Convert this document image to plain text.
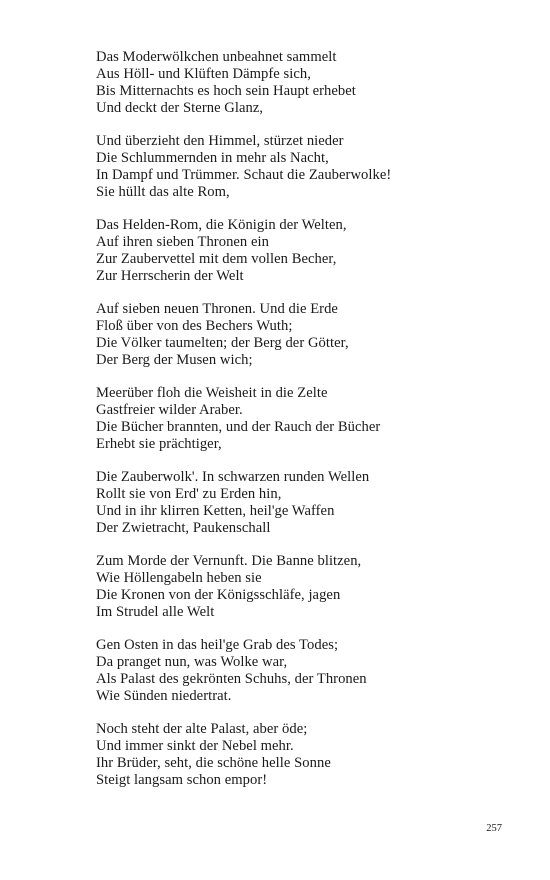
Das Moderwölkchen unbeahnet sammelt
Aus Höll- und Klüften Dämpfe sich,
Bis Mitternachts es hoch sein Haupt erhebet
Und deckt der Sterne Glanz,
Und überzieht den Himmel, stürzet nieder
Die Schlummernden in mehr als Nacht,
In Dampf und Trümmer. Schaut die Zauberwolke!
Sie hüllt das alte Rom,
Das Helden-Rom, die Königin der Welten,
Auf ihren sieben Thronen ein
Zur Zaubervettel mit dem vollen Becher,
Zur Herrscherin der Welt
Auf sieben neuen Thronen. Und die Erde
Floß über von des Bechers Wuth;
Die Völker taumelten; der Berg der Götter,
Der Berg der Musen wich;
Meerüber floh die Weisheit in die Zelte
Gastfreier wilder Araber.
Die Bücher brannten, und der Rauch der Bücher
Erhebt sie prächtiger,
Die Zauberwolk'. In schwarzen runden Wellen
Rollt sie von Erd' zu Erden hin,
Und in ihr klirren Ketten, heil'ge Waffen
Der Zwietracht, Paukenschall
Zum Morde der Vernunft. Die Banne blitzen,
Wie Höllengabeln heben sie
Die Kronen von der Königsschläfe, jagen
Im Strudel alle Welt
Gen Osten in das heil'ge Grab des Todes;
Da pranget nun, was Wolke war,
Als Palast des gekrönten Schuhs, der Thronen
Wie Sünden niedertrat.
Noch steht der alte Palast, aber öde;
Und immer sinkt der Nebel mehr.
Ihr Brüder, seht, die schöne helle Sonne
Steigt langsam schon empor!
257
